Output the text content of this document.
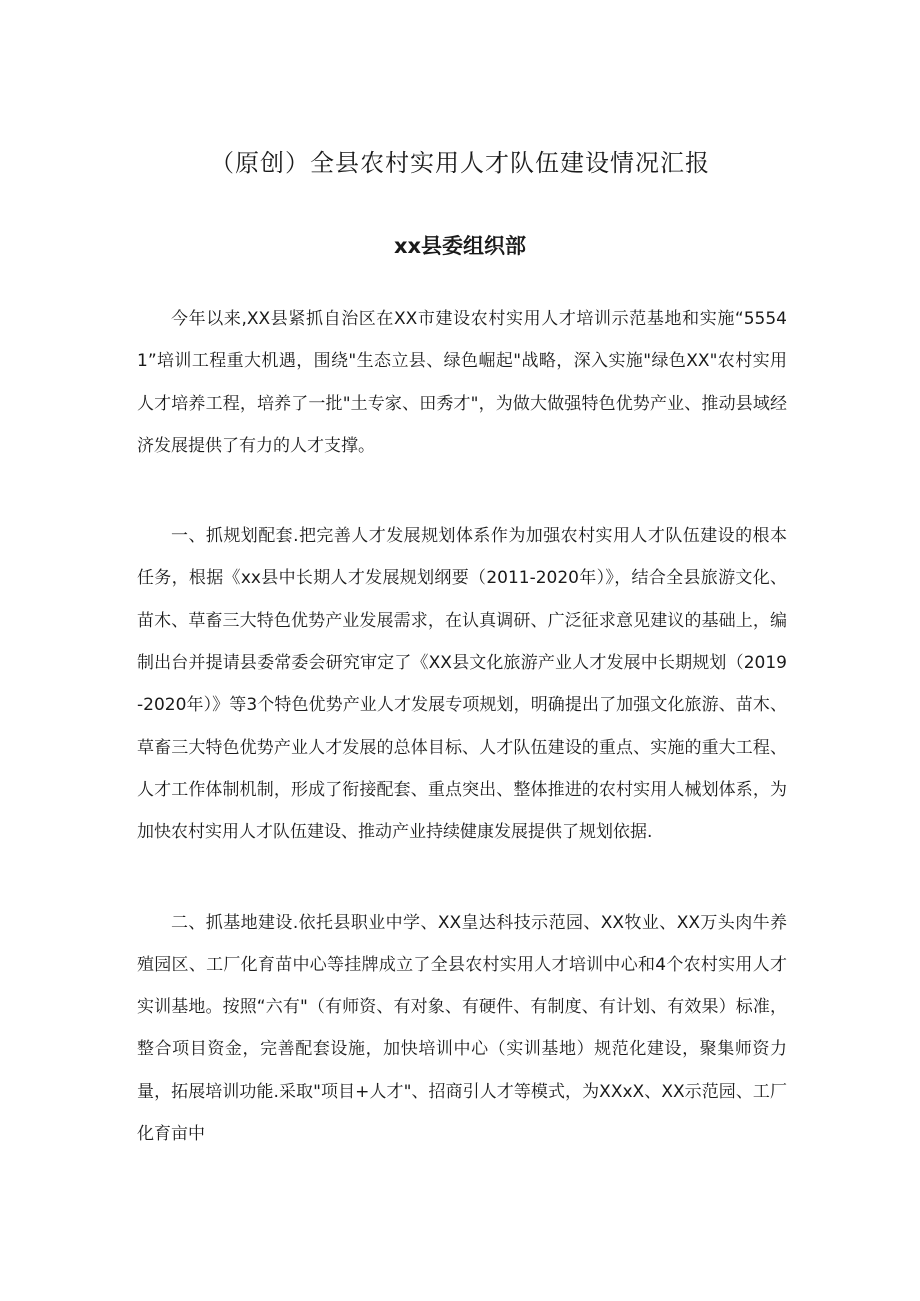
（原创）全县农村实用人才队伍建设情况汇报
xx县委组织部

今年以来,XX县紧抓自治区在XX市建设农村实用人才培训示范基地和实施“55541”培训工程重大机遇，围绕"生态立县、绿色崛起"战略，深入实施"绿色XX"农村实用人才培养工程，培养了一批"土专家、田秀才"，为做大做强特色优势产业、推动县域经济发展提供了有力的人才支撑。

一、抓规划配套.把完善人才发展规划体系作为加强农村实用人才队伍建设的根本任务，根据《xx县中长期人才发展规划纲要（2011-2020年）》，结合全县旅游文化、苗木、草畜三大特色优势产业发展需求，在认真调研、广泛征求意见建议的基础上，编制出台并提请县委常委会研究审定了《XX县文化旅游产业人才发展中长期规划（2019-2020年）》等3个特色优势产业人才发展专项规划，明确提出了加强文化旅游、苗木、草畜三大特色优势产业人才发展的总体目标、人才队伍建设的重点、实施的重大工程、人才工作体制机制，形成了衔接配套、重点突出、整体推进的农村实用人械划体系，为加快农村实用人才队伍建设、推动产业持续健康发展提供了规划依据.

二、抓基地建设.依托县职业中学、XX皇达科技示范园、XX牧业、XX万头肉牛养殖园区、工厂化育苗中心等挂牌成立了全县农村实用人才培训中心和4个农村实用人才实训基地。按照“六有"（有师资、有对象、有硬件、有制度、有计划、有效果）标准，整合项目资金，完善配套设施，加快培训中心（实训基地）规范化建设，聚集师资力量，拓展培训功能.采取"项目+人才"、招商引人才等模式，为XXxX、XX示范园、工厂化育亩中
